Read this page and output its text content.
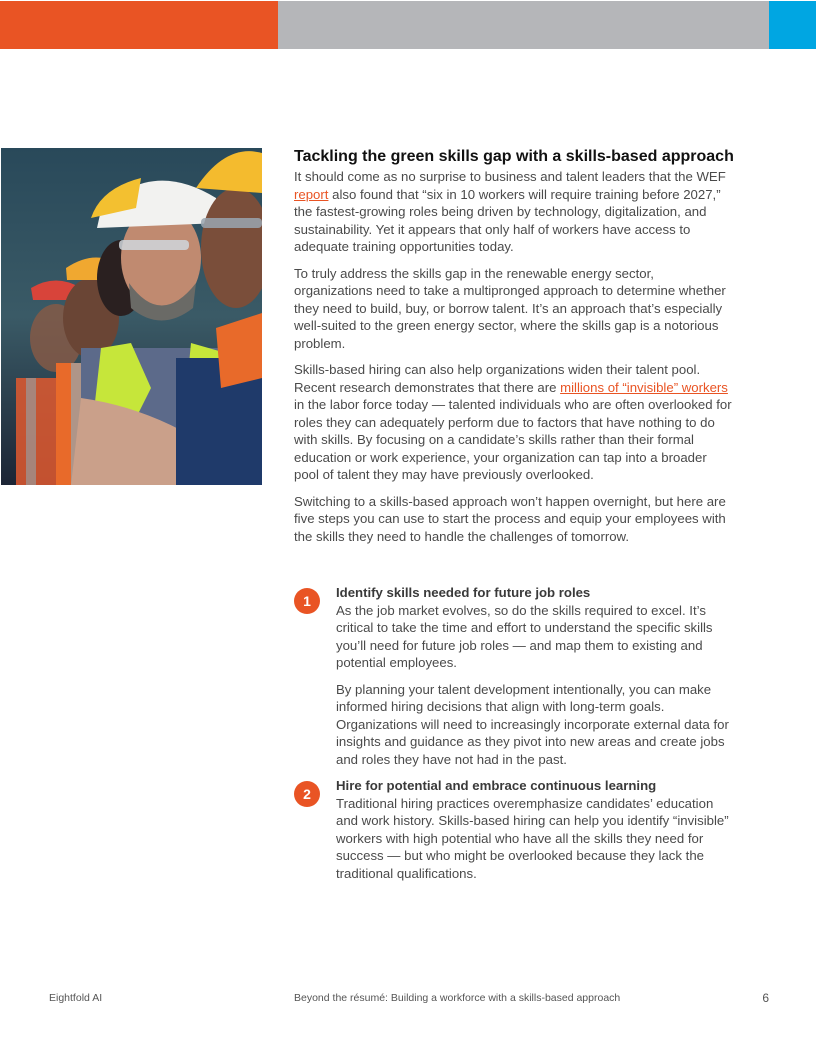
Tackling the green skills gap with a skills-based approach

It should come as no surprise to business and talent leaders that the WEF report also found that “six in 10 workers will require training before 2027,” the fastest-growing roles being driven by technology, digitalization, and sustainability. Yet it appears that only half of workers have access to adequate training opportunities today.

To truly address the skills gap in the renewable energy sector, organizations need to take a multipronged approach to determine whether they need to build, buy, or borrow talent. It’s an approach that’s especially well-suited to the green energy sector, where the skills gap is a notorious problem.

Skills-based hiring can also help organizations widen their talent pool. Recent research demonstrates that there are millions of “invisible” workers in the labor force today — talented individuals who are often overlooked for roles they can adequately perform due to factors that have nothing to do with skills. By focusing on a candidate’s skills rather than their formal education or work experience, your organization can tap into a broader pool of talent they may have previously overlooked.

Switching to a skills-based approach won’t happen overnight, but here are five steps you can use to start the process and equip your employees with the skills they need to handle the challenges of tomorrow.

1

Identify skills needed for future job roles

As the job market evolves, so do the skills required to excel. It’s critical to take the time and effort to understand the specific skills you’ll need for future job roles — and map them to existing and potential employees.

By planning your talent development intentionally, you can make informed hiring decisions that align with long-term goals. Organizations will need to increasingly incorporate external data for insights and guidance as they pivot into new areas and create jobs and roles they have not had in the past.

2

Hire for potential and embrace continuous learning

Traditional hiring practices overemphasize candidates’ education and work history. Skills-based hiring can help you identify “invisible” workers with high potential who have all the skills they need for success — but who might be overlooked because they lack the traditional qualifications.

Eightfold AI	Beyond the résumé: Building a workforce with a skills-based approach	6
